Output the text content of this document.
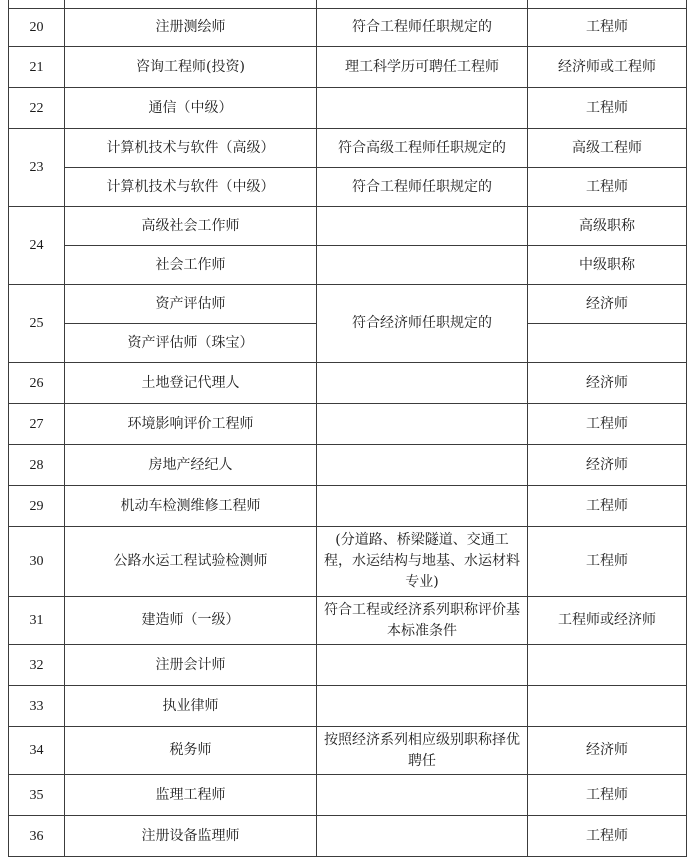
20	注册测绘师	符合工程师任职规定的	工程师
21	咨询工程师(投资)	理工科学历可聘任工程师	经济师或工程师
22	通信（中级）		工程师
23	计算机技术与软件（高级）	符合高级工程师任职规定的	高级工程师
	计算机技术与软件（中级）	符合工程师任职规定的	工程师
24	高级社会工作师		高级职称
	社会工作师		中级职称
25	资产评估师	符合经济师任职规定的	经济师
	资产评估师（珠宝）		
26	土地登记代理人		经济师
27	环境影响评价工程师		工程师
28	房地产经纪人		经济师
29	机动车检测维修工程师		工程师
30	公路水运工程试验检测师	(分道路、桥梁隧道、交通工程，水运结构与地基、水运材料专业)	工程师
31	建造师（一级）	符合工程或经济系列职称评价基本标准条件	工程师或经济师
32	注册会计师		
33	执业律师		
34	税务师	按照经济系列相应级别职称择优聘任	经济师
35	监理工程师		工程师
36	注册设备监理师		工程师
